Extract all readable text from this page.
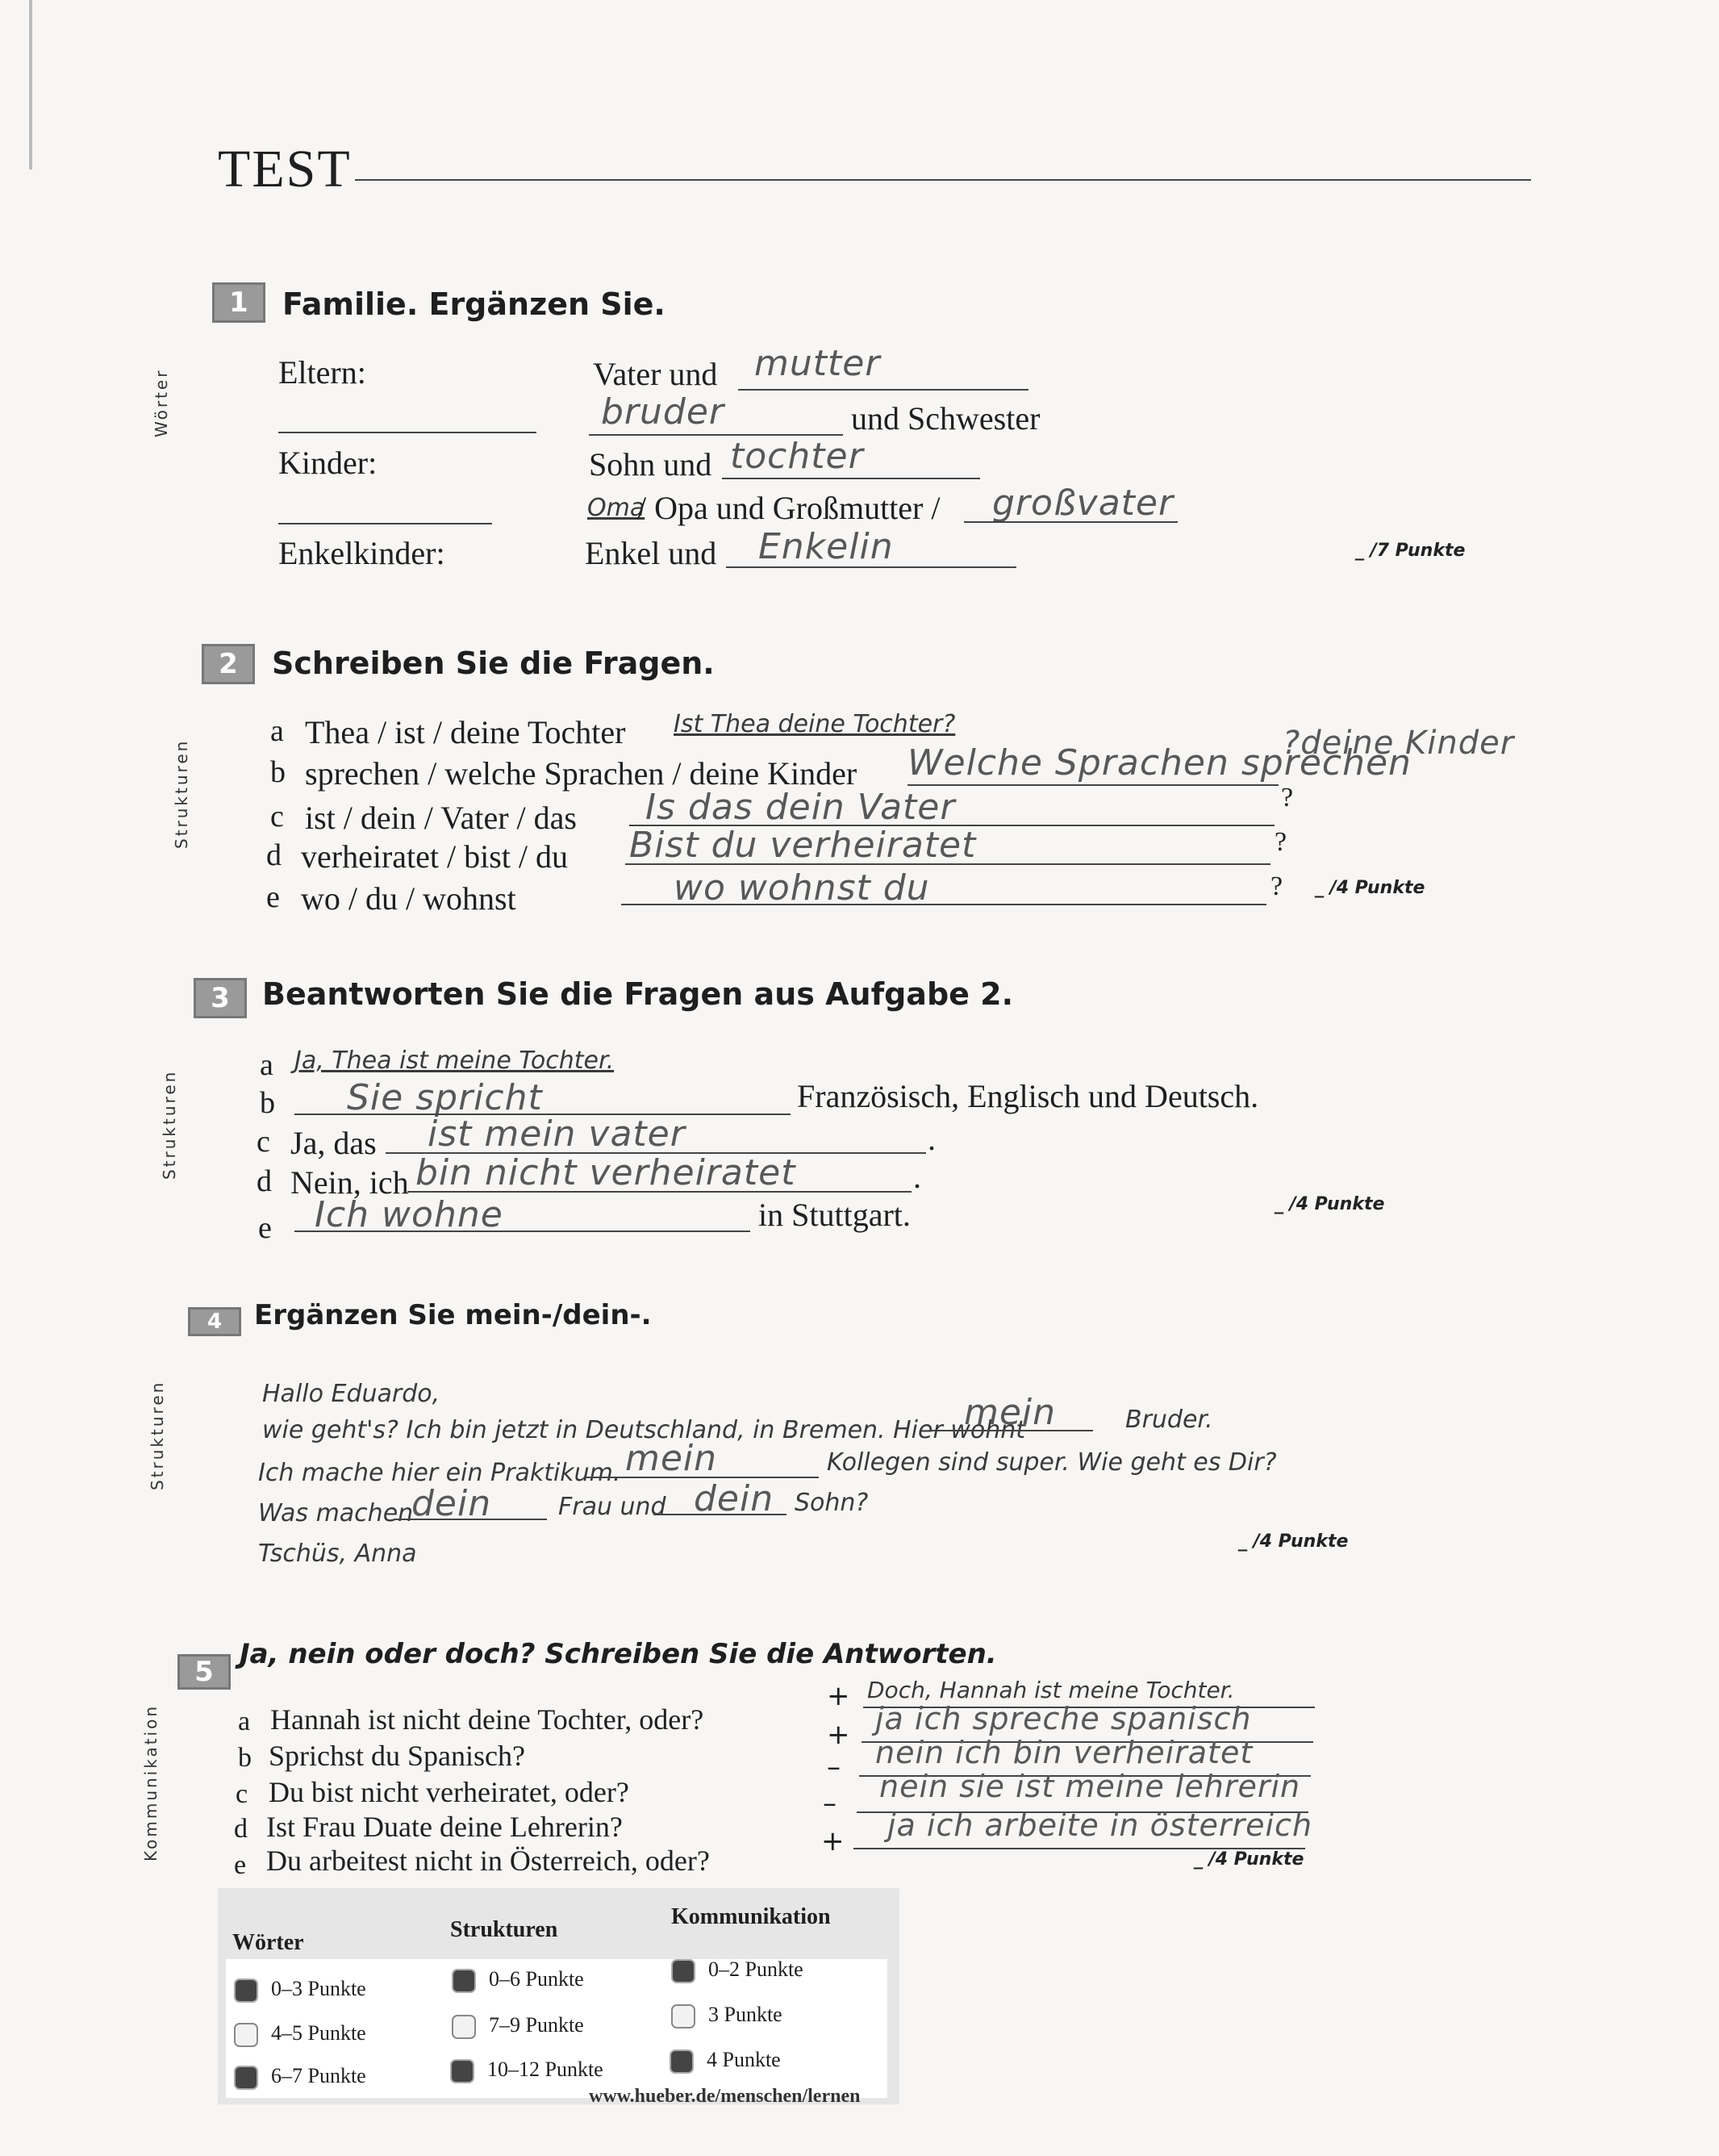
TEST
Wörter
1	Familie. Ergänzen Sie.
Eltern:	Vater und mutter
bruder	und Schwester
Kinder:	Sohn und tochter
Oma
/ Opa und Großmutter / großvater
Enkelkinder:	Enkel und Enkelin	_ /7 Punkte
Strukturen
2	Schreiben Sie die Fragen.
a Thea / ist / deine Tochter Ist Thea deine Tochter?
b sprechen / welche Sprachen / deine Kinder Welche Sprachen sprechen
?deine Kinder
c ist / dein / Vater / das Is das dein Vater	?
d verheiratet / bist / du Bist du verheiratet	?
e wo / du / wohnst	wo wohnst du	? _ /4 Punkte
Strukturen
3	Beantworten Sie die Fragen aus Aufgabe 2.
a Ja, Thea ist meine Tochter.
b Sie spricht	Französisch, Englisch und Deutsch.
c Ja, das ist mein vater	.
d Nein, ich bin nicht verheiratet	.
e Ich wohne	in Stuttgart.	_ /4 Punkte
Strukturen
4	Ergänzen Sie mein-/dein-.
Hallo Eduardo,
wie geht's? Ich bin jetzt in Deutschland, in Bremen. Hier wohnt
mein	Bruder.
Ich mache hier ein Praktikum. mein	Kollegen sind super. Wie geht es Dir?
Was machen
dein	Frau und dein Sohn?
Tschüs, Anna	_ /4 Punkte
Kommunikation
5
Ja, nein oder doch? Schreiben Sie die Antworten.
a Hannah ist nicht deine Tochter, oder?
b Sprichst du Spanisch?
c Du bist nicht verheiratet, oder?
d Ist Frau Duate deine Lehrerin?
e Du arbeitest nicht in Österreich, oder?
+ Doch, Hannah ist meine Tochter.
+ ja ich spreche spanisch
– nein ich bin verheiratet
– nein sie ist meine lehrerin
+ ja ich arbeite in österreich
_ /4 Punkte
Wörter
Strukturen
Kommunikation
0–3 Punkte	0–6 Punkte	0–2 Punkte
4–5 Punkte	7–9 Punkte	3 Punkte
6–7 Punkte	10–12 Punkte	4 Punkte
www.hueber.de/menschen/lernen
